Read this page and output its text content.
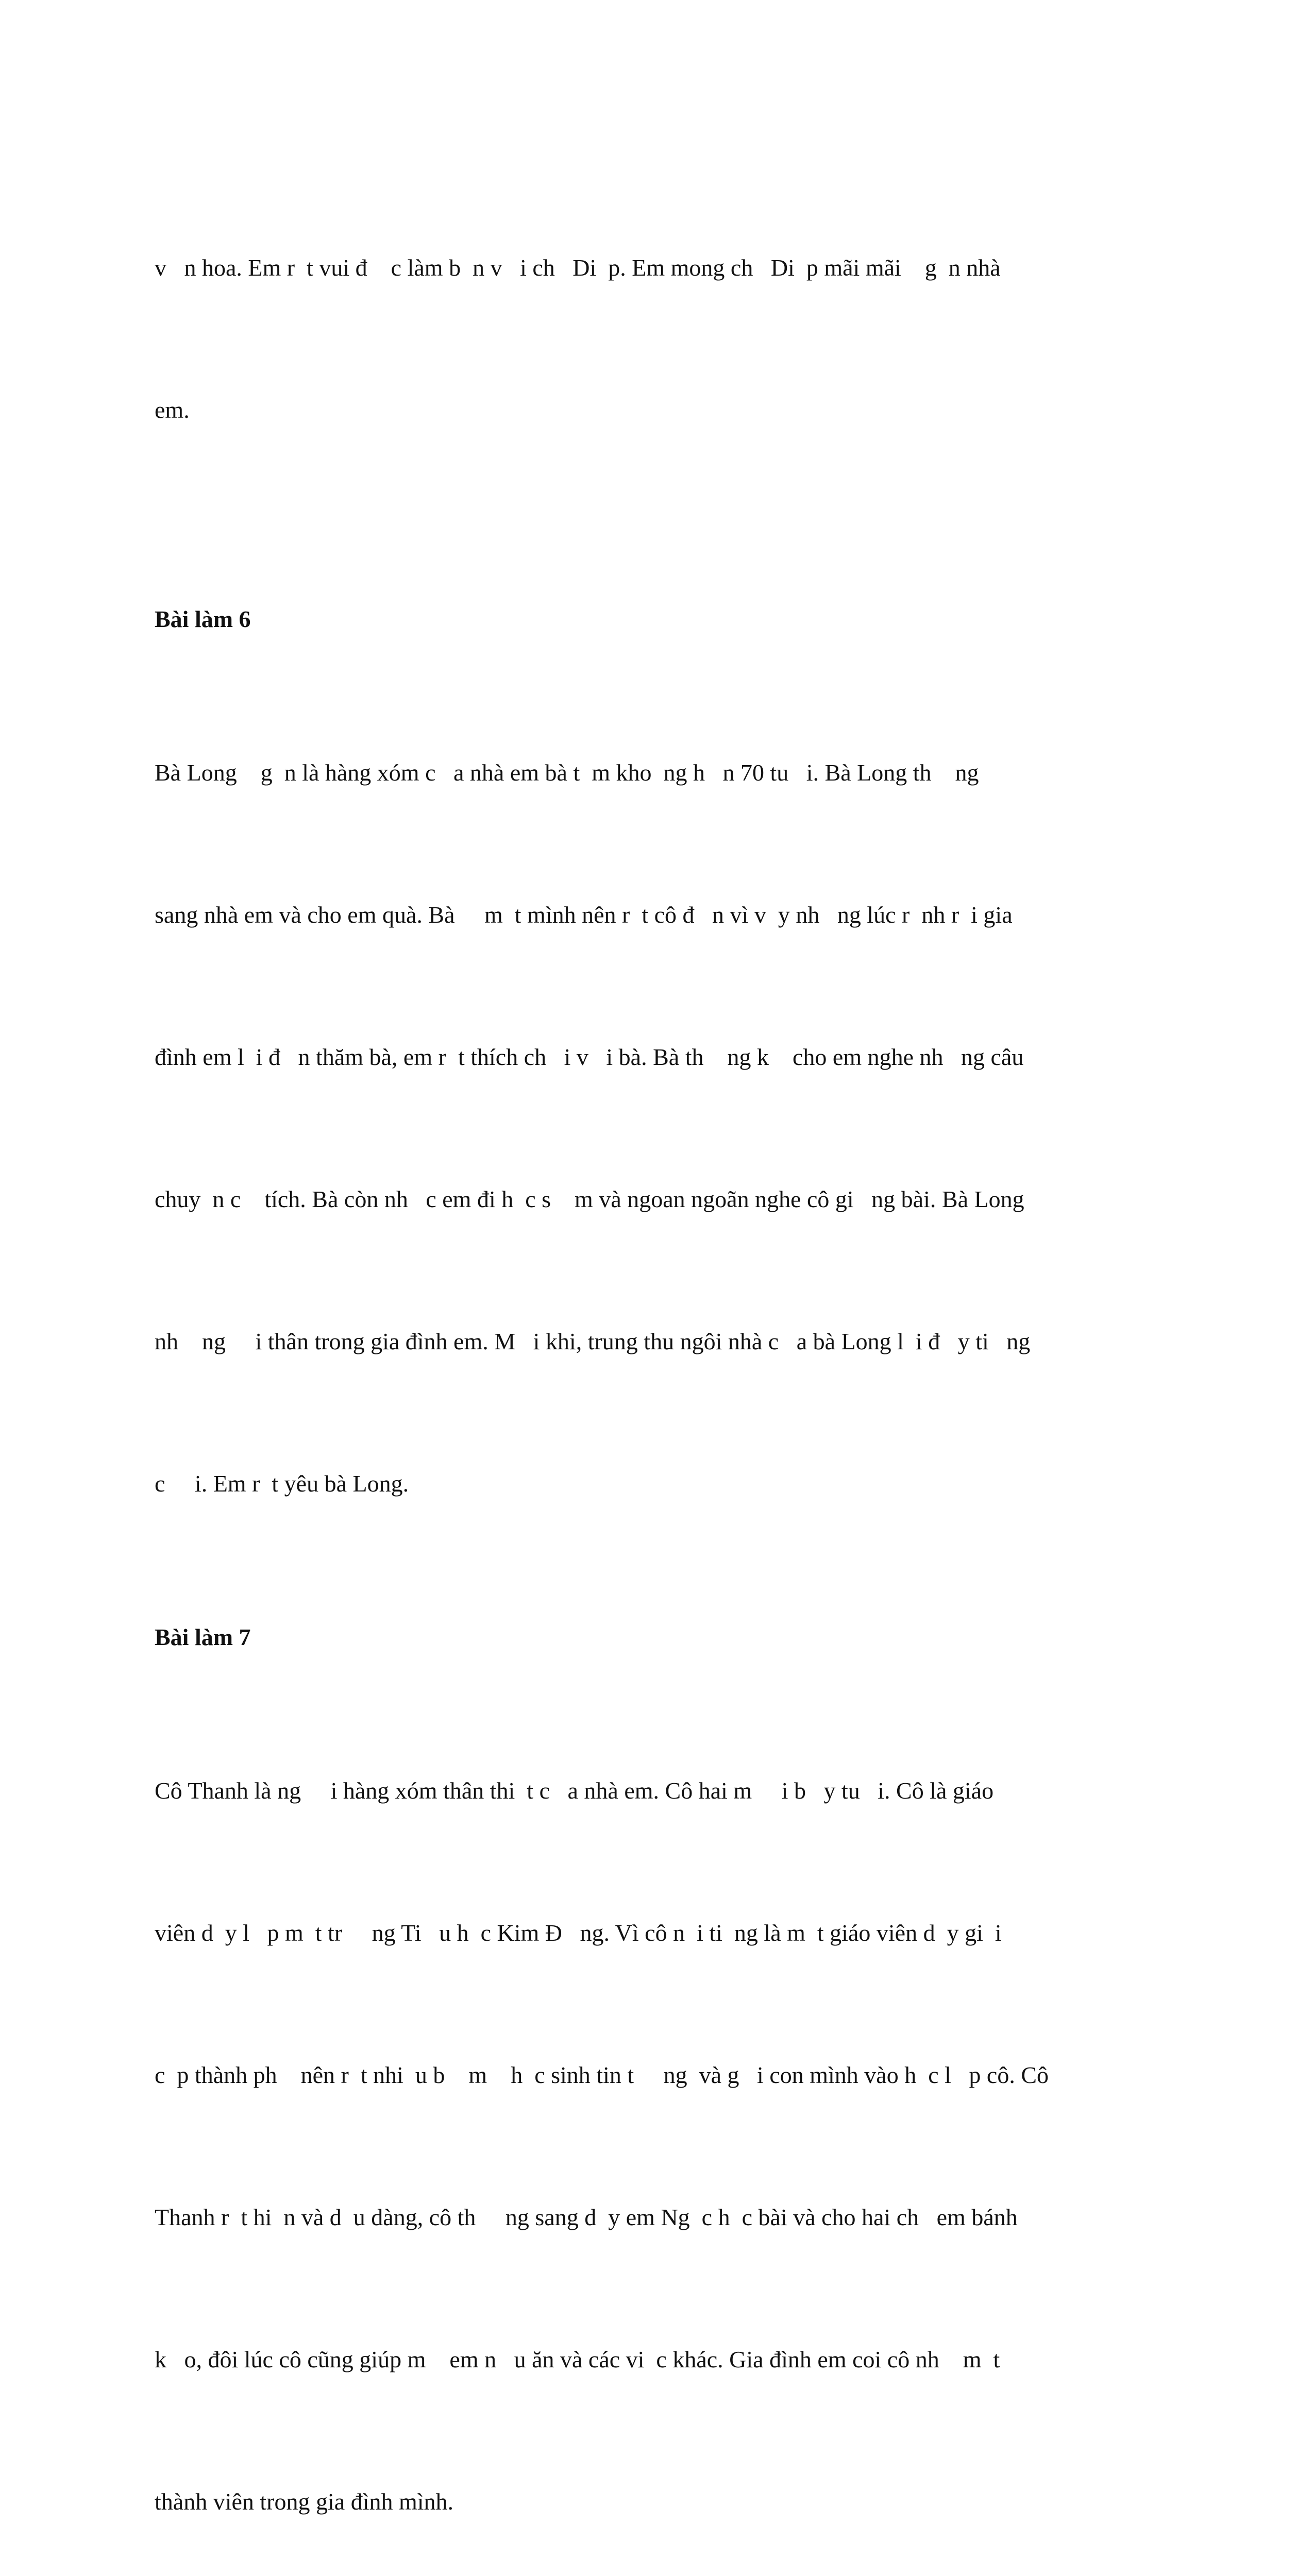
v   n hoa. Em r  t vui đ    c làm b  n v   i ch   Di  p. Em mong ch   Di  p mãi mãi    g  n nhà

em.

Bài làm 6

Bà Long    g  n là hàng xóm c   a nhà em bà t  m kho  ng h   n 70 tu   i. Bà Long th    ng

sang nhà em và cho em quà. Bà     m  t mình nên r  t cô đ   n vì v  y nh   ng lúc r  nh r  i gia

đình em l  i đ   n thăm bà, em r  t thích ch   i v   i bà. Bà th    ng k    cho em nghe nh   ng câu

chuy  n c    tích. Bà còn nh   c em đi h  c s    m và ngoan ngoãn nghe cô gi   ng bài. Bà Long

nh    ng     i thân trong gia đình em. M   i khi, trung thu ngôi nhà c   a bà Long l  i đ   y ti   ng

c     i. Em r  t yêu bà Long.

Bài làm 7

Cô Thanh là ng     i hàng xóm thân thi  t c   a nhà em. Cô hai m     i b   y tu   i. Cô là giáo

viên d  y l   p m  t tr     ng Ti   u h  c Kim Đ   ng. Vì cô n  i ti  ng là m  t giáo viên d  y gi  i

c  p thành ph    nên r  t nhi  u b    m    h  c sinh tin t     ng  và g   i con mình vào h  c l   p cô. Cô

Thanh r  t hi  n và d  u dàng, cô th     ng sang d  y em Ng  c h  c bài và cho hai ch   em bánh

k   o, đôi lúc cô cũng giúp m    em n   u ăn và các vi  c khác. Gia đình em coi cô nh    m  t

thành viên trong gia đình mình.
